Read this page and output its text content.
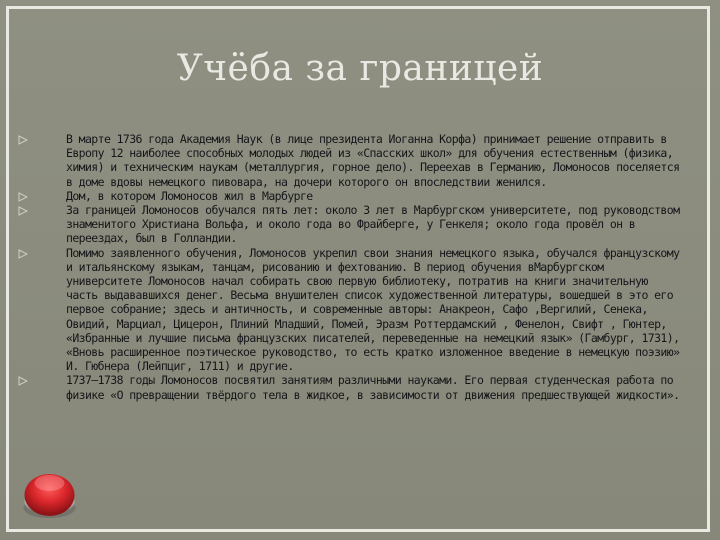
Учёба за границей
В марте 1736 года Академия Наук (в лице президента Иоганна Корфа) принимает решение отправить в Европу 12 наиболее способных молодых людей из «Спасских школ» для обучения естественным (физика, химия) и техническим наукам (металлургия, горное дело). Переехав в Германию, Ломоносов поселяется в доме вдовы немецкого пивовара, на дочери которого он впоследствии женился.
Дом, в котором Ломоносов жил в Марбурге
За границей Ломоносов обучался пять лет: около 3 лет в Марбургском университете, под руководством знаменитого Христиана Вольфа, и около года во Фрайберге, у Генкеля; около года провёл он в переездах, был в Голландии.
Помимо заявленного обучения, Ломоносов укрепил свои знания немецкого языка, обучался французскому и итальянскому языкам, танцам, рисованию и фехтованию. В период обучения вМарбургском университете Ломоносов начал собирать свою первую библиотеку, потратив на книги значительную часть выдававшихся денег. Весьма внушителен список художественной литературы, вошедшей в это его первое собрание; здесь и античность, и современные авторы: Анакреон, Сафо ,Вергилий, Сенека, Овидий, Марциал, Цицерон, Плиний Младший, Помей, Эразм Роттердамский , Фенелон, Свифт , Гюнтер, «Избранные и лучшие письма французских пиcателей, переведенные на немецкий язык» (Гамбург, 1731), «Вновь расширенное поэтическое руководство, то есть кратко изложенное введение в немецкую поэзию» И. Гюбнера (Лейпциг, 1711) и другие.
1737—1738 годы Ломоносов посвятил занятиям различными науками. Его первая студенческая работа по физике «О превращении твёрдого тела в жидкое, в зависимости от движения предшествующей жидкости».
